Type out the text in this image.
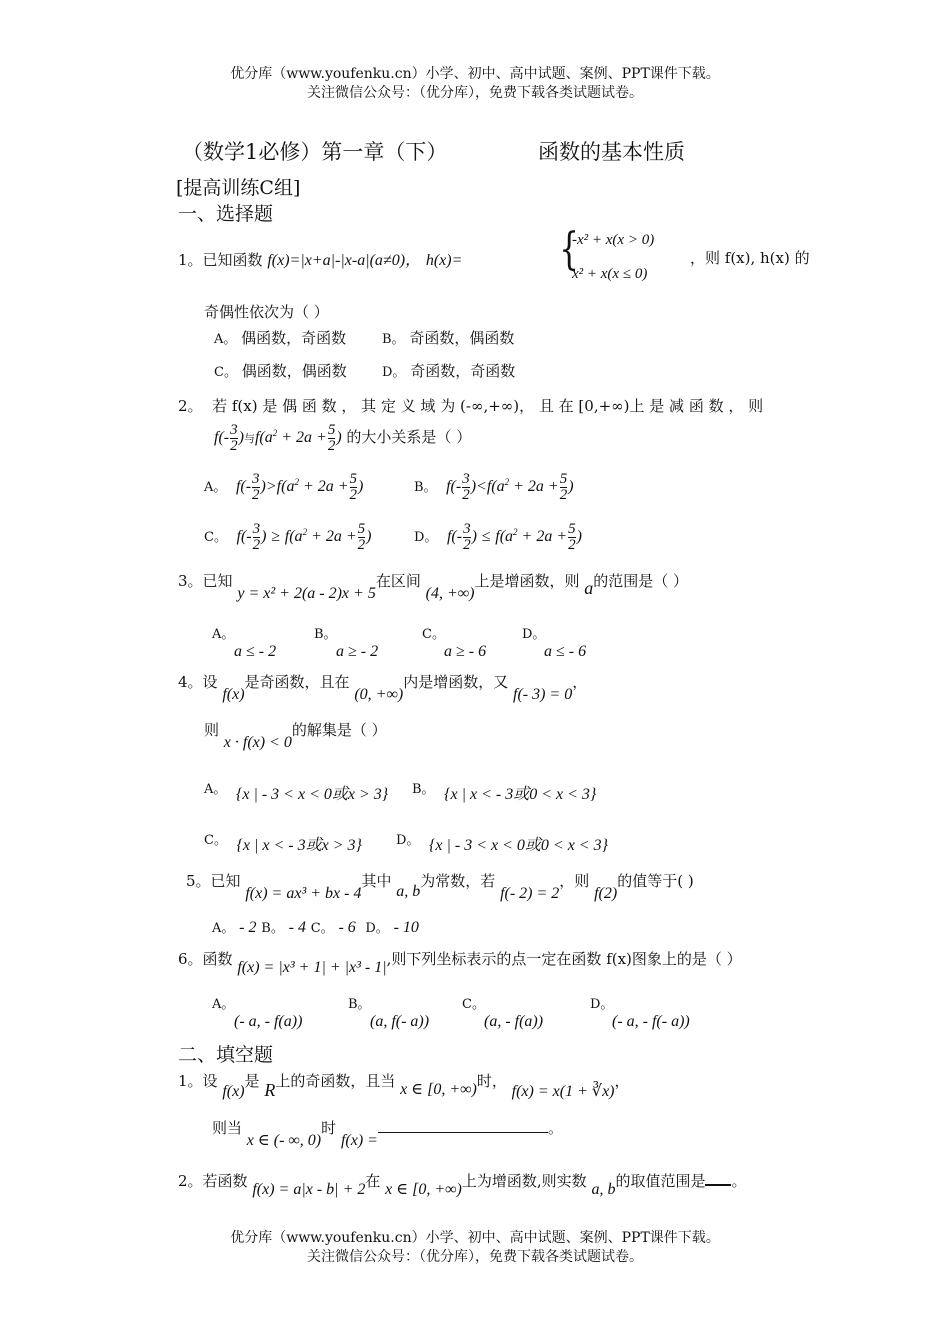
优分库（www.youfenku.cn）小学、初中、高中试题、案例、PPT课件下载。
关注微信公众号：（优分库），免费下载各类试题试卷。
（数学1必修）第一章（下）	函数的基本性质
[提高训练C组]
一、选择题
1。已知函数 f(x)=|x+a|-|x-a|(a≠0)， h(x)= {
-x² + x(x > 0)
x² + x(x ≤ 0)
，则 f(x), h(x) 的
奇偶性依次为（ ）
A。 偶函数，奇函数	B。 奇函数，偶函数
C。 偶函数，偶函数	D。 奇函数，奇函数
2。 若 f(x) 是 偶 函 数 ， 其 定 义 域 为 (-∞,+∞)， 且 在 [0,+∞)上 是 减 函 数 ， 则
$f(- \frac{3}{2}$ )与$f(a^2 + 2a + \frac{5}{2}$ ) 的大小关系是（ ）
A。 $f(- \frac{3}{2} )>f(a^2 + 2a + \frac{5}{2}$ )	B。 $f(- \frac{3}{2} )<f(a^2 + 2a + \frac{5}{2}$ )
C。 $f(- \frac{3}{2}$ ) ≥ $f(a^2 + 2a + \frac{5}{2}$ )	D。 $f(- \frac{3}{2}$ ) ≤ $f(a^2 + 2a + \frac{5}{2}$ )
3。已知 y = x² + 2(a - 2)x + 5在区间 (4, +∞)上是增函数，则 a的范围是（ ）
A。
a ≤ - 2
B。
a ≥ - 2
C。
a ≥ - 6
D。
a ≤ - 6
4。设 f(x)是奇函数，且在 (0, +∞)内是增函数，又 f(- 3) = 0，
则 x · f(x) < 0的解集是（ ）
A。 {x | - 3 < x < 0或x > 3} B。 {x | x < - 3或0 < x < 3}
C。 {x | x < - 3或x > 3}	D。 {x | - 3 < x < 0或0 < x < 3}
5。已知 f(x) = ax³ + bx - 4其中 a, b为常数，若 f(- 2) = 2，则 f(2)的值等于( )
A。 - 2 B。 - 4 C。 - 6 D。 - 10
6。函数 f(x) = |x³ + 1| + |x³ - 1|,则下列坐标表示的点一定在函数 f(x)图象上的是（ ）
A。
(- a, - f(a))
B。
(a, f(- a))
C。
(a, - f(a))
D。
(- a, - f(- a))
二、填空题
1。设 f(x)是 R上的奇函数，且当 x ∈ [0, +∞)时， f(x) = x(1 + ∛x)，
则当 x ∈ (- ∞, 0)时 f(x) =。
2。若函数 f(x) = a|x - b| + 2在 x ∈ [0, +∞)上为增函数,则实数 a, b的取值范围是 。
优分库（www.youfenku.cn）小学、初中、高中试题、案例、PPT课件下载。
关注微信公众号：（优分库），免费下载各类试题试卷。
